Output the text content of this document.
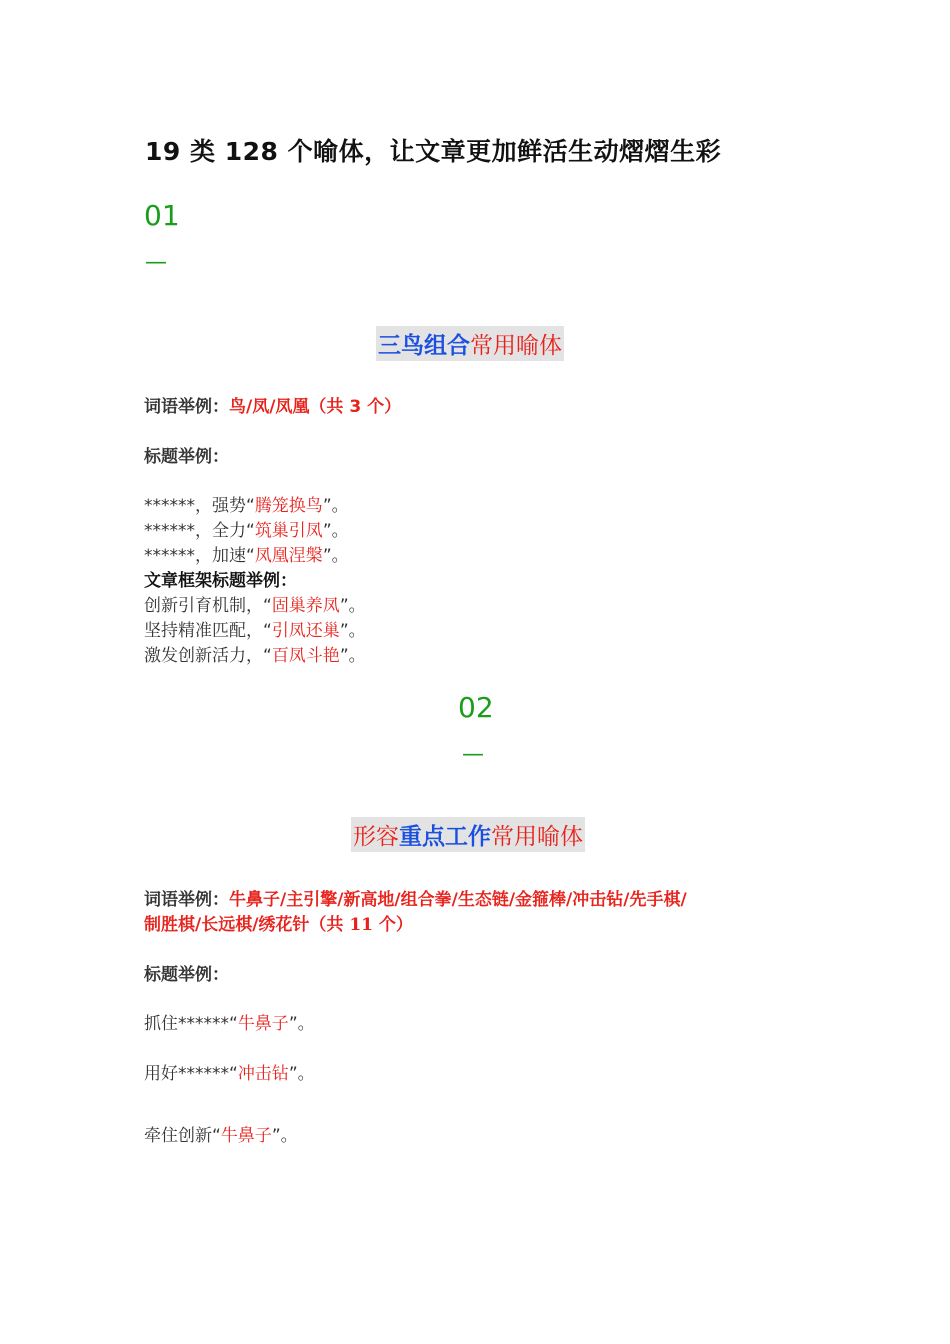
19 类 128 个喻体，让文章更加鲜活生动熠熠生彩
01
—
三鸟组合常用喻体
词语举例：鸟/凤/凤凰（共 3 个）
标题举例：
******，强势“腾笼换鸟”。
******，全力“筑巢引凤”。
******，加速“凤凰涅槃”。
文章框架标题举例：
创新引育机制，“固巢养凤”。
坚持精准匹配，“引凤还巢”。
激发创新活力，“百凤斗艳”。
02
—
形容重点工作常用喻体
词语举例：牛鼻子/主引擎/新高地/组合拳/生态链/金箍棒/冲击钻/先手棋/
制胜棋/长远棋/绣花针（共 11 个）
标题举例：
抓住******“牛鼻子”。
用好******“冲击钻”。
牵住创新“牛鼻子”。
